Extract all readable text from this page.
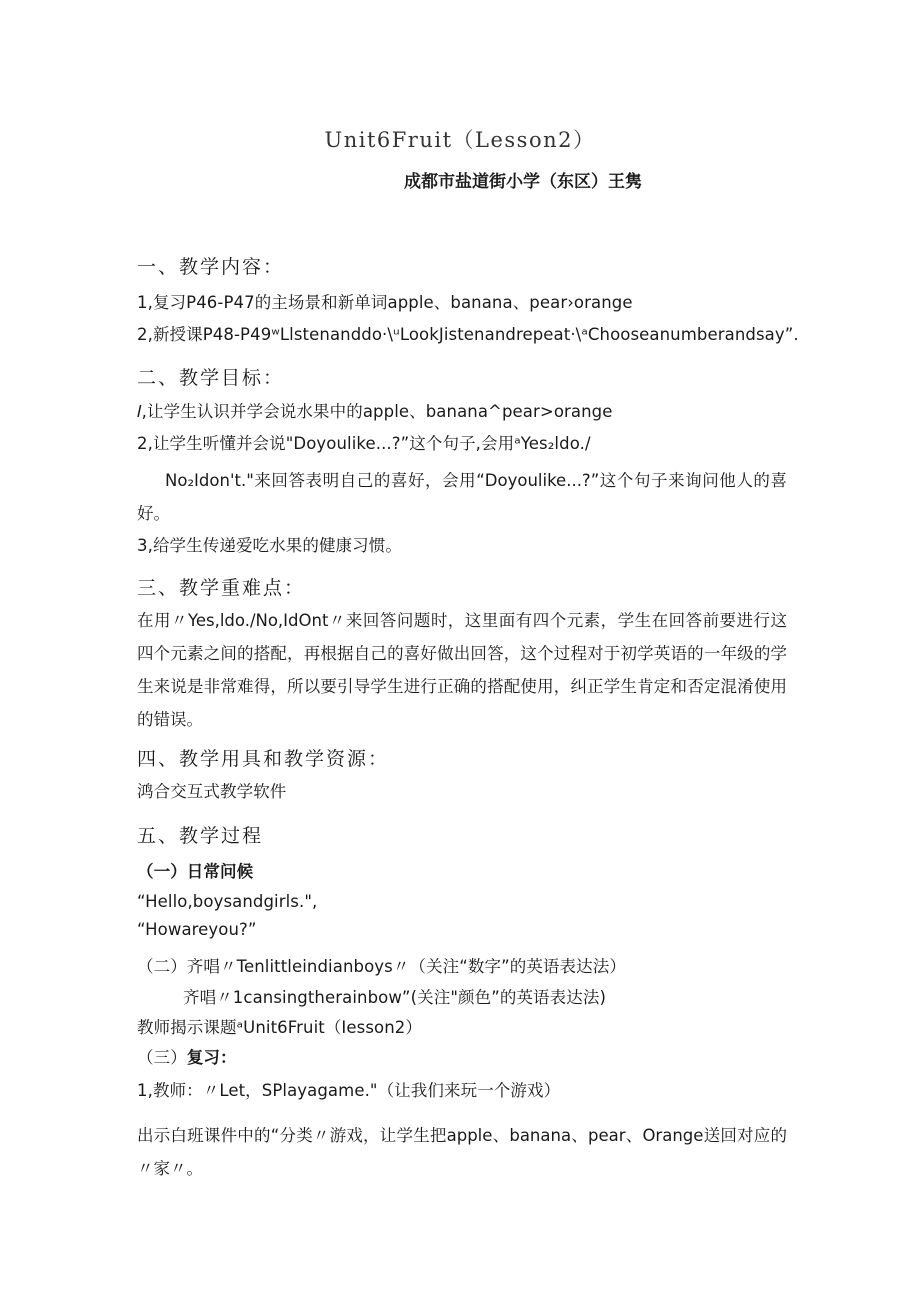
Unit6Fruit（Lesson2）
成都市盐道街小学（东区）王隽
一、教学内容：
1,复习P46-P47的主场景和新单词apple、banana、pear›orange
2,新授课P48-P49ʷLlstenanddo·\ᵘLookJistenandrepeat·\ᵃChooseanumberandsay”.
二、教学目标：
𝐼,让学生认识并学会说水果中的apple、banana^pear>orange
2,让学生听懂并会说"Doyoulike...?”这个句子,会用ᵃYes₂ldo./
No₂Idon't."来回答表明自己的喜好，会用“Doyoulike...?”这个句子来询问他人的喜好。
3,给学生传递爱吃水果的健康习惯。
三、教学重难点：
在用〃Yes,ldo./No,IdOnt〃来回答问题时，这里面有四个元素，学生在回答前要进行这四个元素之间的搭配，再根据自己的喜好做出回答，这个过程对于初学英语的一年级的学生来说是非常难得，所以要引导学生进行正确的搭配使用，纠正学生肯定和否定混淆使用的错误。
四、教学用具和教学资源：
鸿合交互式教学软件
五、教学过程
（一）日常问候
“Hello,boysandgirls.",
“Howareyou?”
（二）齐唱〃Tenlittleindianboys〃（关注“数字”的英语表达法）
齐唱〃1cansingtherainbow”(关注"颜色”的英语表达法)
教师揭示课题ᵃUnit6Fruit（Iesson2）
（三）复习：
1,教师：〃Let，SPlayagame."（让我们来玩一个游戏）
出示白班课件中的“分类〃游戏，让学生把apple、banana、pear、Orange送回对应的〃家〃。
